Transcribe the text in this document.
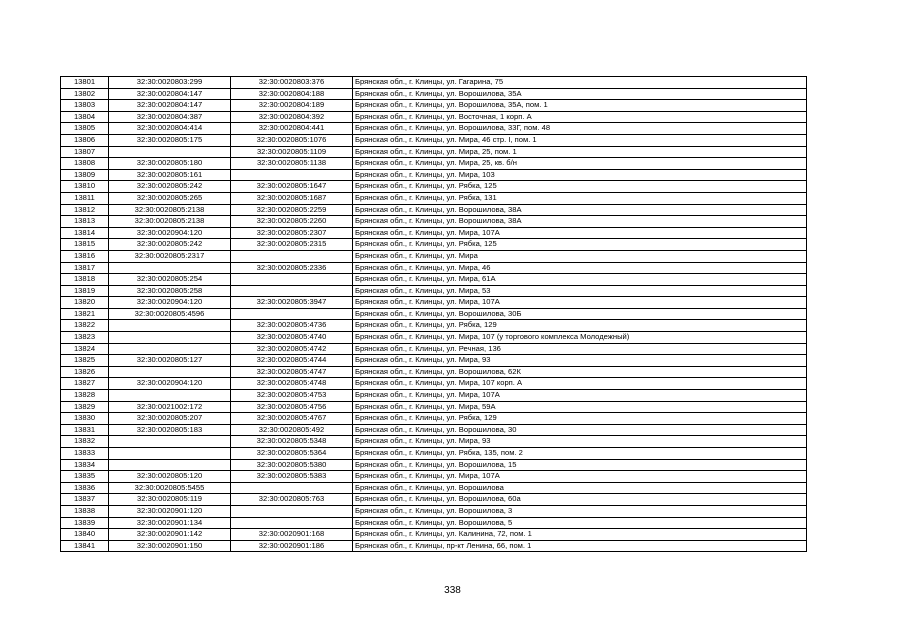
13801	32:30:0020803:299	32:30:0020803:376	Брянская обл., г. Клинцы, ул. Гагарина, 75
13802	32:30:0020804:147	32:30:0020804:188	Брянская обл., г. Клинцы, ул. Ворошилова, 35А
13803	32:30:0020804:147	32:30:0020804:189	Брянская обл., г. Клинцы, ул. Ворошилова, 35А, пом. 1
13804	32:30:0020804:387	32:30:0020804:392	Брянская обл., г. Клинцы, ул. Восточная, 1 корп. А
13805	32:30:0020804:414	32:30:0020804:441	Брянская обл., г. Клинцы, ул. Ворошилова, 33Г, пом. 48
13806	32:30:0020805:175	32:30:0020805:1076	Брянская обл., г. Клинцы, ул. Мира, 46 стр. I, пом. 1
13807		32:30:0020805:1109	Брянская обл., г. Клинцы, ул. Мира, 25, пом. 1
13808	32:30:0020805:180	32:30:0020805:1138	Брянская обл., г. Клинцы, ул. Мира, 25, кв. б/н
13809	32:30:0020805:161		Брянская обл., г. Клинцы, ул. Мира, 103
13810	32:30:0020805:242	32:30:0020805:1647	Брянская обл., г. Клинцы, ул. Рябка, 125
13811	32:30:0020805:265	32:30:0020805:1687	Брянская обл., г. Клинцы, ул. Рябка, 131
13812	32:30:0020805:2138	32:30:0020805:2259	Брянская обл., г. Клинцы, ул. Ворошилова, 38А
13813	32:30:0020805:2138	32:30:0020805:2260	Брянская обл., г. Клинцы, ул. Ворошилова, 38А
13814	32:30:0020904:120	32:30:0020805:2307	Брянская обл., г. Клинцы, ул. Мира, 107А
13815	32:30:0020805:242	32:30:0020805:2315	Брянская обл., г. Клинцы, ул. Рябка, 125
13816	32:30:0020805:2317		Брянская обл., г. Клинцы, ул. Мира
13817		32:30:0020805:2336	Брянская обл., г. Клинцы, ул. Мира, 46
13818	32:30:0020805:254		Брянская обл., г. Клинцы, ул. Мира, 61А
13819	32:30:0020805:258		Брянская обл., г. Клинцы, ул. Мира, 53
13820	32:30:0020904:120	32:30:0020805:3947	Брянская обл., г. Клинцы, ул. Мира, 107А
13821	32:30:0020805:4596		Брянская обл., г. Клинцы, ул. Ворошилова, 30Б
13822		32:30:0020805:4736	Брянская обл., г. Клинцы, ул. Рябка, 129
13823		32:30:0020805:4740	Брянская обл., г. Клинцы, ул. Мира, 107 (у торгового комплекса Молодежный)
13824		32:30:0020805:4742	Брянская обл., г. Клинцы, ул. Речная, 136
13825	32:30:0020805:127	32:30:0020805:4744	Брянская обл., г. Клинцы, ул. Мира, 93
13826		32:30:0020805:4747	Брянская обл., г. Клинцы, ул. Ворошилова, 62К
13827	32:30:0020904:120	32:30:0020805:4748	Брянская обл., г. Клинцы, ул. Мира, 107 корп. А
13828		32:30:0020805:4753	Брянская обл., г. Клинцы, ул. Мира, 107А
13829	32:30:0021002:172	32:30:0020805:4756	Брянская обл., г. Клинцы, ул. Мира, 59А
13830	32:30:0020805:207	32:30:0020805:4767	Брянская обл., г. Клинцы, ул. Рябка, 129
13831	32:30:0020805:183	32:30:0020805:492	Брянская обл., г. Клинцы, ул. Ворошилова, 30
13832		32:30:0020805:5348	Брянская обл., г. Клинцы, ул. Мира, 93
13833		32:30:0020805:5364	Брянская обл., г. Клинцы, ул. Рябка, 135, пом. 2
13834		32:30:0020805:5380	Брянская обл., г. Клинцы, ул. Ворошилова, 15
13835	32:30:0020805:120	32:30:0020805:5383	Брянская обл., г. Клинцы, ул. Мира, 107А
13836	32:30:0020805:5455		Брянская обл., г. Клинцы, ул. Ворошилова
13837	32:30:0020805:119	32:30:0020805:763	Брянская обл., г. Клинцы, ул. Ворошилова, 60а
13838	32:30:0020901:120		Брянская обл., г. Клинцы, ул. Ворошилова, 3
13839	32:30:0020901:134		Брянская обл., г. Клинцы, ул. Ворошилова, 5
13840	32:30:0020901:142	32:30:0020901:168	Брянская обл., г. Клинцы, ул. Калинина, 72, пом. 1
13841	32:30:0020901:150	32:30:0020901:186	Брянская обл., г. Клинцы, пр-кт Ленина, 66, пом. 1
338
